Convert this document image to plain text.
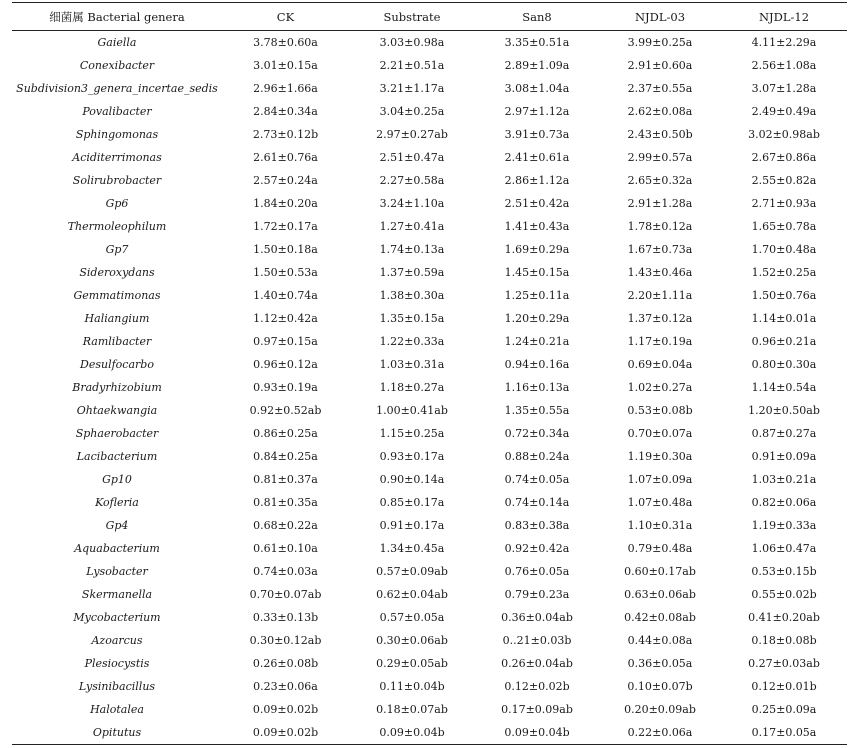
细菌属 Bacterial genera	CK	Substrate	San8	NJDL-03	NJDL-12
Gaiella	3.78±0.60a	3.03±0.98a	3.35±0.51a	3.99±0.25a	4.11±2.29a
Conexibacter	3.01±0.15a	2.21±0.51a	2.89±1.09a	2.91±0.60a	2.56±1.08a
Subdivision3_genera_incertae_sedis	2.96±1.66a	3.21±1.17a	3.08±1.04a	2.37±0.55a	3.07±1.28a
Povalibacter	2.84±0.34a	3.04±0.25a	2.97±1.12a	2.62±0.08a	2.49±0.49a
Sphingomonas	2.73±0.12b	2.97±0.27ab	3.91±0.73a	2.43±0.50b	3.02±0.98ab
Aciditerrimonas	2.61±0.76a	2.51±0.47a	2.41±0.61a	2.99±0.57a	2.67±0.86a
Solirubrobacter	2.57±0.24a	2.27±0.58a	2.86±1.12a	2.65±0.32a	2.55±0.82a
Gp6	1.84±0.20a	3.24±1.10a	2.51±0.42a	2.91±1.28a	2.71±0.93a
Thermoleophilum	1.72±0.17a	1.27±0.41a	1.41±0.43a	1.78±0.12a	1.65±0.78a
Gp7	1.50±0.18a	1.74±0.13a	1.69±0.29a	1.67±0.73a	1.70±0.48a
Sideroxydans	1.50±0.53a	1.37±0.59a	1.45±0.15a	1.43±0.46a	1.52±0.25a
Gemmatimonas	1.40±0.74a	1.38±0.30a	1.25±0.11a	2.20±1.11a	1.50±0.76a
Haliangium	1.12±0.42a	1.35±0.15a	1.20±0.29a	1.37±0.12a	1.14±0.01a
Ramlibacter	0.97±0.15a	1.22±0.33a	1.24±0.21a	1.17±0.19a	0.96±0.21a
Desulfocarbo	0.96±0.12a	1.03±0.31a	0.94±0.16a	0.69±0.04a	0.80±0.30a
Bradyrhizobium	0.93±0.19a	1.18±0.27a	1.16±0.13a	1.02±0.27a	1.14±0.54a
Ohtaekwangia	0.92±0.52ab	1.00±0.41ab	1.35±0.55a	0.53±0.08b	1.20±0.50ab
Sphaerobacter	0.86±0.25a	1.15±0.25a	0.72±0.34a	0.70±0.07a	0.87±0.27a
Lacibacterium	0.84±0.25a	0.93±0.17a	0.88±0.24a	1.19±0.30a	0.91±0.09a
Gp10	0.81±0.37a	0.90±0.14a	0.74±0.05a	1.07±0.09a	1.03±0.21a
Kofleria	0.81±0.35a	0.85±0.17a	0.74±0.14a	1.07±0.48a	0.82±0.06a
Gp4	0.68±0.22a	0.91±0.17a	0.83±0.38a	1.10±0.31a	1.19±0.33a
Aquabacterium	0.61±0.10a	1.34±0.45a	0.92±0.42a	0.79±0.48a	1.06±0.47a
Lysobacter	0.74±0.03a	0.57±0.09ab	0.76±0.05a	0.60±0.17ab	0.53±0.15b
Skermanella	0.70±0.07ab	0.62±0.04ab	0.79±0.23a	0.63±0.06ab	0.55±0.02b
Mycobacterium	0.33±0.13b	0.57±0.05a	0.36±0.04ab	0.42±0.08ab	0.41±0.20ab
Azoarcus	0.30±0.12ab	0.30±0.06ab	0..21±0.03b	0.44±0.08a	0.18±0.08b
Plesiocystis	0.26±0.08b	0.29±0.05ab	0.26±0.04ab	0.36±0.05a	0.27±0.03ab
Lysinibacillus	0.23±0.06a	0.11±0.04b	0.12±0.02b	0.10±0.07b	0.12±0.01b
Halotalea	0.09±0.02b	0.18±0.07ab	0.17±0.09ab	0.20±0.09ab	0.25±0.09a
Opitutus	0.09±0.02b	0.09±0.04b	0.09±0.04b	0.22±0.06a	0.17±0.05a
